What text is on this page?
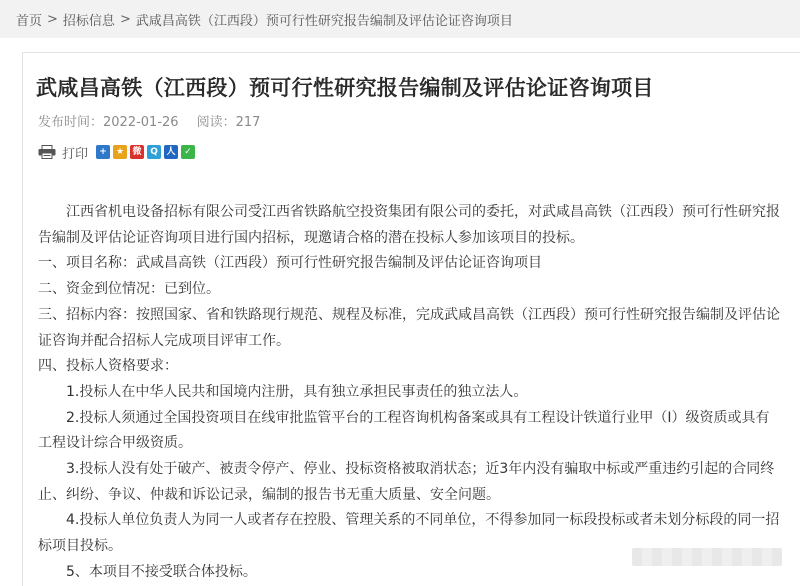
首页 > 招标信息 > 武咸昌高铁（江西段）预可行性研究报告编制及评估论证咨询项目
武咸昌高铁（江西段）预可行性研究报告编制及评估论证咨询项目
发布时间：2022-01-26 阅读：217
打印	+	★ 微 Q 人 ✓

江西省机电设备招标有限公司受江西省铁路航空投资集团有限公司的委托，对武咸昌高铁（江西段）预可行性研究报告编制及评估论证咨询项目进行国内招标，现邀请合格的潜在投标人参加该项目的投标。

一、项目名称：武咸昌高铁（江西段）预可行性研究报告编制及评估论证咨询项目

二、资金到位情况：已到位。

三、招标内容：按照国家、省和铁路现行规范、规程及标准，完成武咸昌高铁（江西段）预可行性研究报告编制及评估论证咨询并配合招标人完成项目评审工作。

四、投标人资格要求：

1.投标人在中华人民共和国境内注册，具有独立承担民事责任的独立法人。

2.投标人须通过全国投资项目在线审批监管平台的工程咨询机构备案或具有工程设计铁道行业甲（I）级资质或具有工程设计综合甲级资质。

3.投标人没有处于破产、被责令停产、停业、投标资格被取消状态；近3年内没有骗取中标或严重违约引起的合同终止、纠纷、争议、仲裁和诉讼记录，编制的报告书无重大质量、安全问题。

4.投标人单位负责人为同一人或者存在控股、管理关系的不同单位，不得参加同一标段投标或者未划分标段的同一招标项目投标。

5、本项目不接受联合体投标。
